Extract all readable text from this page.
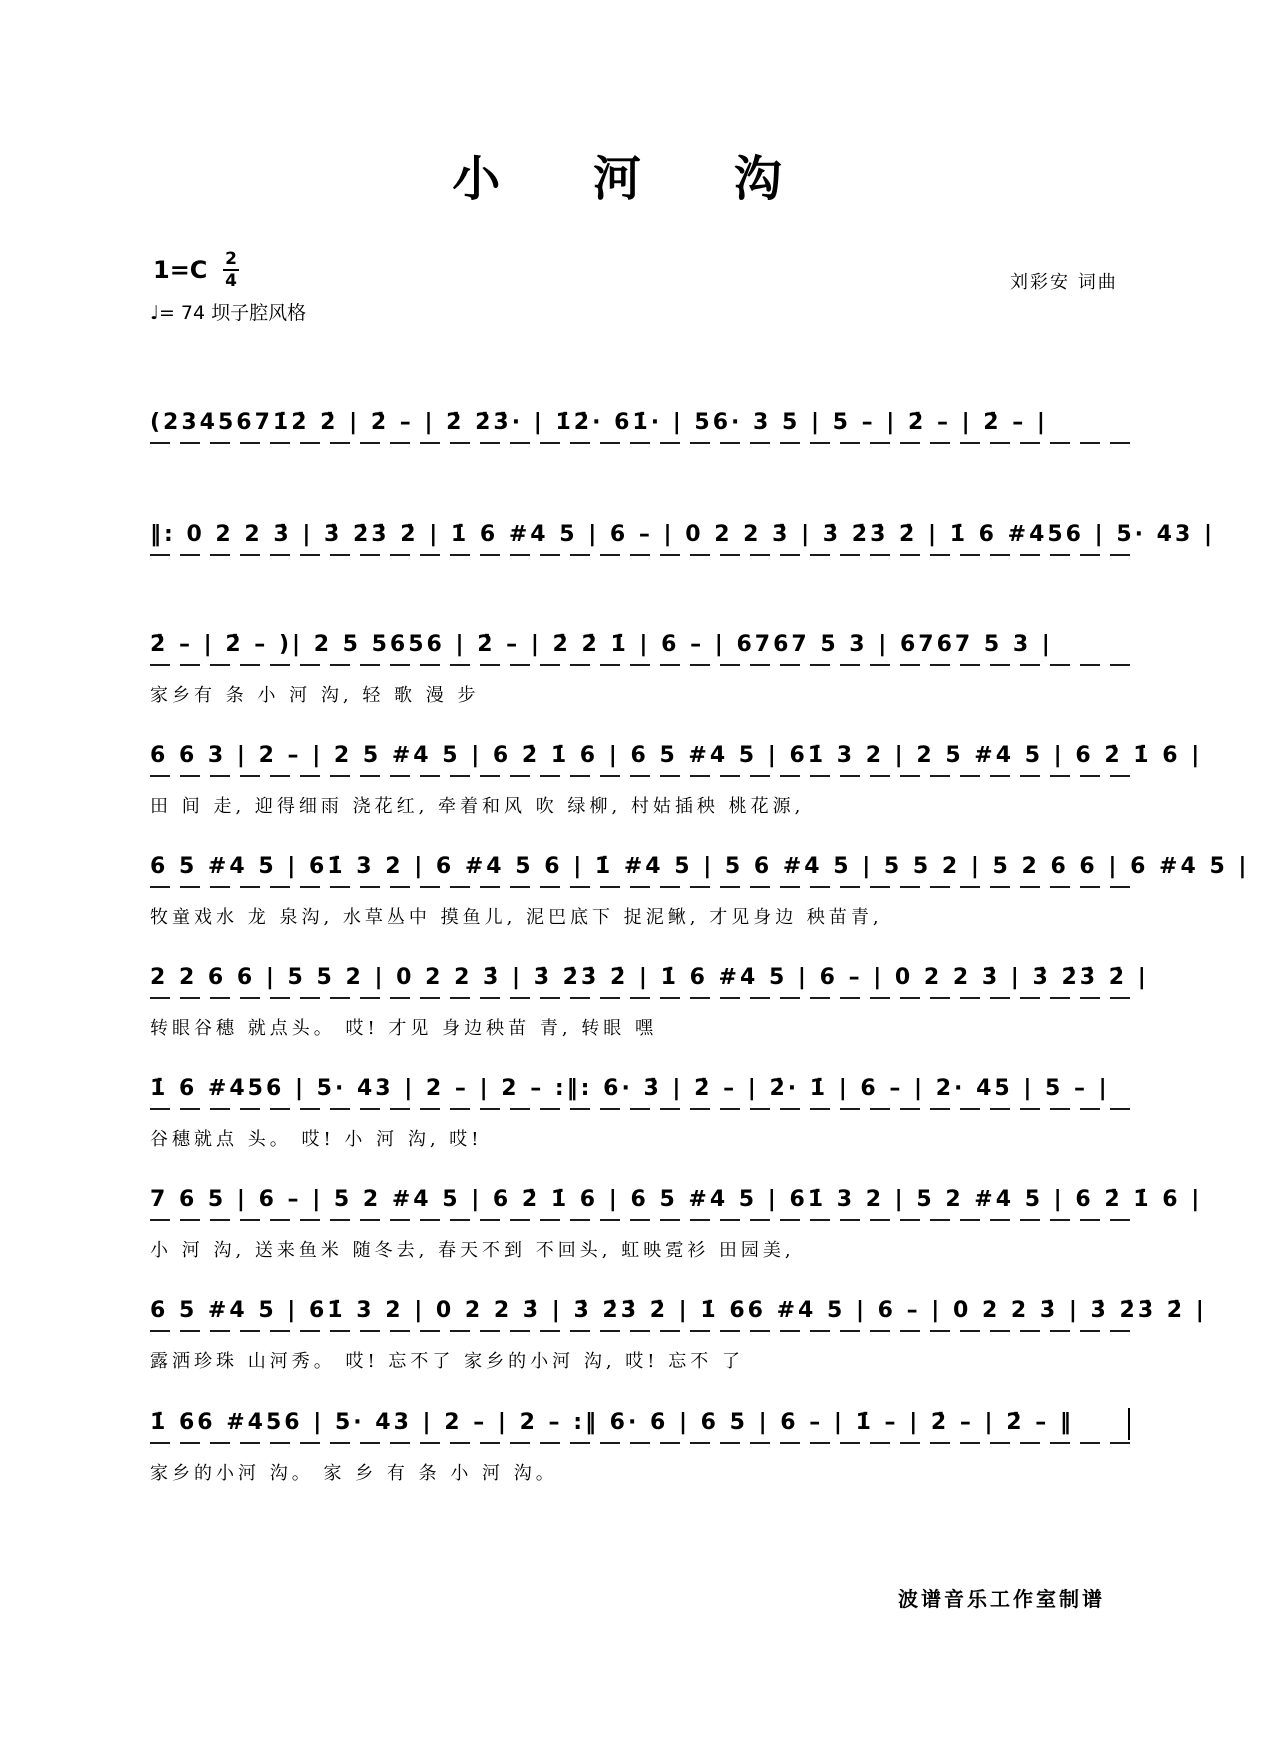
小 河 沟
1=C 2
4
♩= 74 坝子腔风格
刘彩安 词曲
(2345671̇2̇ 2̇ | 2̇ – | 2̇ 2̇3̇· | 1̇2̇· 61̇· | 56· 3 5 | 5 – | 2̇ – | 2̇ – |
‖: 0 2 2 3̇ | 3̇ 2̇3̇ 2̇ | 1̇ 6 #4 5 | 6 – | 0 2 2 3̇ | 3̇ 2̇3̇ 2̇ | 1̇ 6 #456 | 5· 43 |
2̇ – | 2̇ – )| 2 5 5656 | 2̇ – | 2̇ 2̇ 1̇ | 6 – | 6767 5 3 | 6767 5 3 |
家乡有 条 小 河 沟, 轻 歌 漫 步
6 6 3 | 2 – | 2 5 #4 5 | 6 2̇ 1̇ 6 | 6 5 #4 5 | 61̇ 3 2 | 2 5 #4 5 | 6 2̇ 1̇ 6 |
田 间 走, 迎得细雨 浇花红, 牵着和风 吹 绿柳, 村姑插秧 桃花源,
6 5 #4 5 | 61̇ 3 2 | 6 #4 5 6 | 1̇ #4 5 | 5 6 #4 5 | 5 5 2 | 5 2 6 6 | 6 #4 5 |
牧童戏水 龙 泉沟, 水草丛中 摸鱼儿, 泥巴底下 捉泥鳅, 才见身边 秧苗青,
2 2 6 6 | 5 5 2 | 0 2 2 3̇ | 3̇ 2̇3̇ 2̇ | 1̇ 6 #4 5 | 6 – | 0 2 2 3̇ | 3̇ 2̇3̇ 2̇ |
转眼谷穗 就点头。 哎! 才见 身边秧苗 青, 转眼 嘿
1̇ 6 #456 | 5· 43 | 2 – | 2 – :‖: 6· 3̇ | 2̇ – | 2̇· 1̇ | 6 – | 2· 45 | 5 – |
谷穗就点 头。 哎! 小 河 沟, 哎!
7 6 5 | 6 – | 5 2 #4 5 | 6 2̇ 1̇ 6 | 6 5 #4 5 | 61̇ 3 2 | 5 2 #4 5 | 6 2̇ 1̇ 6 |
小 河 沟, 送来鱼米 随冬去, 春天不到 不回头, 虹映霓衫 田园美,
6 5 #4 5 | 61̇ 3 2 | 0 2 2 3̇ | 3̇ 2̇3̇ 2̇ | 1̇ 66 #4 5 | 6 – | 0 2 2 3̇ | 3̇ 2̇3̇ 2̇ |
露洒珍珠 山河秀。 哎! 忘不了 家乡的小河 沟, 哎! 忘不 了
1̇ 66 #456 | 5· 43 | 2 – | 2 – :‖ 6· 6 | 6 5 | 6 – | 1̇ – | 2̇ – | 2̇ – ‖
家乡的小河 沟。 家 乡 有 条 小 河 沟。
波谱音乐工作室制谱
